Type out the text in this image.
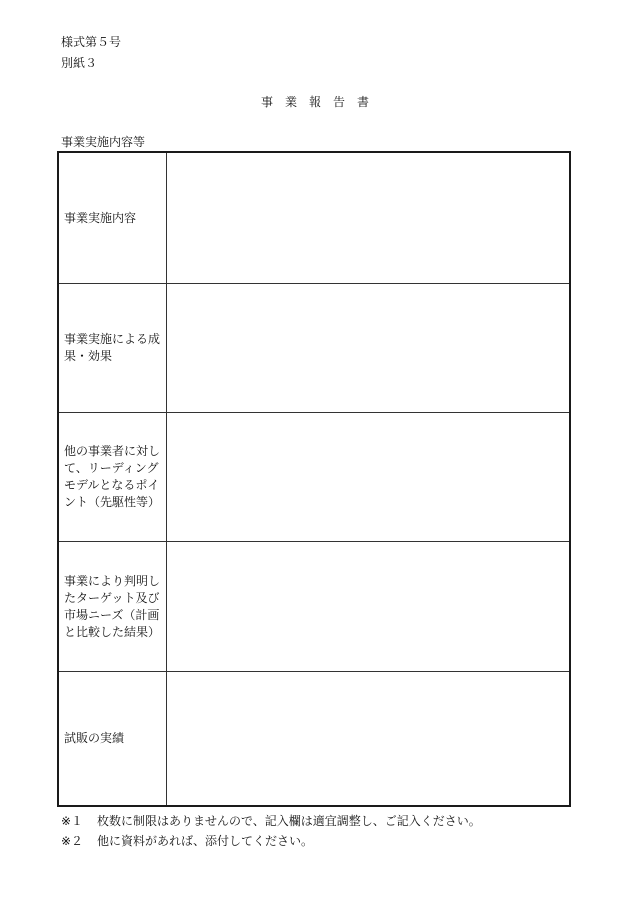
様式第５号
別紙３
事　業　報　告　書
事業実施内容等
事業実施内容
事業実施による成果・効果
他の事業者に対して、リーディングモデルとなるポイント（先駆性等）
事業により判明したターゲット及び市場ニーズ（計画と比較した結果）
試販の実績
※１ 枚数に制限はありませんので、記入欄は適宜調整し、ご記入ください。
※２ 他に資料があれば、添付してください。
